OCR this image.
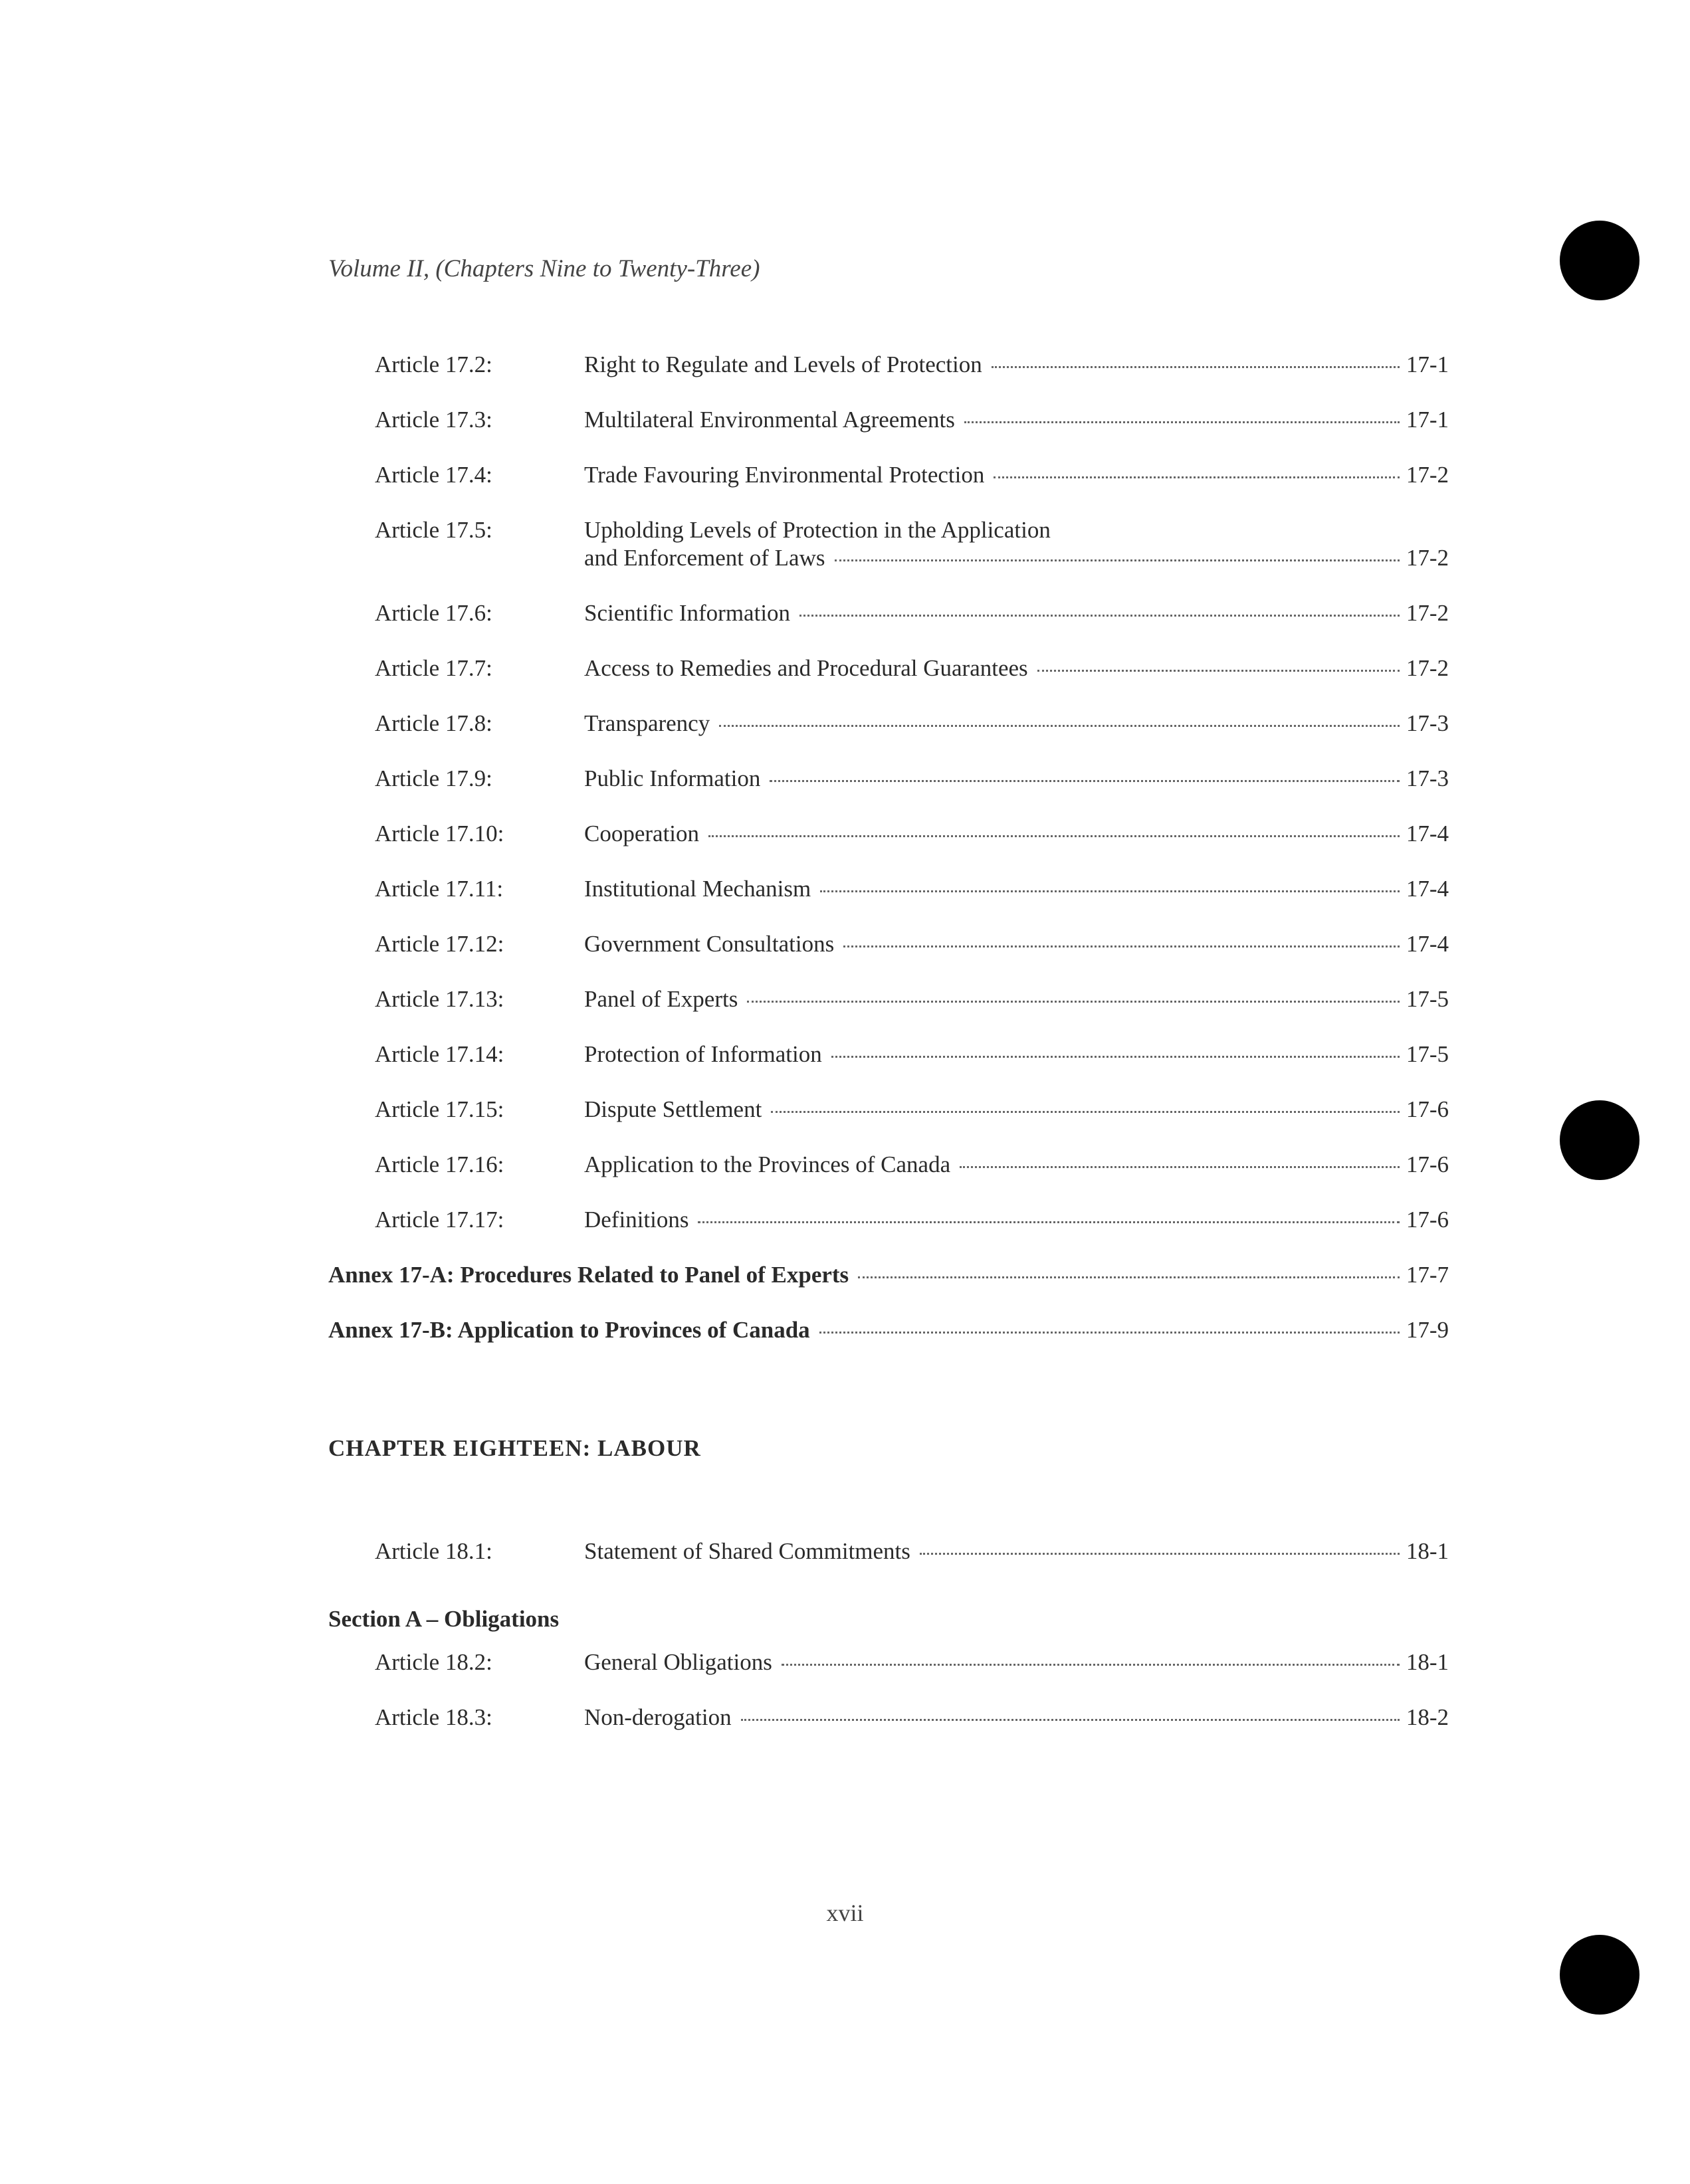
Volume II, (Chapters Nine to Twenty-Three)
Article 17.2:	Right to Regulate and Levels of Protection	17-1
Article 17.3:	Multilateral Environmental Agreements	17-1
Article 17.4:	Trade Favouring Environmental Protection	17-2
Article 17.5:	Upholding Levels of Protection in the Application
and Enforcement of Laws	17-2
Article 17.6:	Scientific Information	17-2
Article 17.7:	Access to Remedies and Procedural Guarantees	17-2
Article 17.8:	Transparency	17-3
Article 17.9:	Public Information	17-3
Article 17.10:	Cooperation	17-4
Article 17.11:	Institutional Mechanism	17-4
Article 17.12:	Government Consultations	17-4
Article 17.13:	Panel of Experts	17-5
Article 17.14:	Protection of Information	17-5
Article 17.15:	Dispute Settlement	17-6
Article 17.16:	Application to the Provinces of Canada	17-6
Article 17.17:	Definitions	17-6
Annex 17-A: Procedures Related to Panel of Experts	17-7
Annex 17-B: Application to Provinces of Canada	17-9
CHAPTER EIGHTEEN: LABOUR
Article 18.1:	Statement of Shared Commitments	18-1
Section A – Obligations
Article 18.2:	General Obligations	18-1
Article 18.3:	Non-derogation	18-2
xvii
